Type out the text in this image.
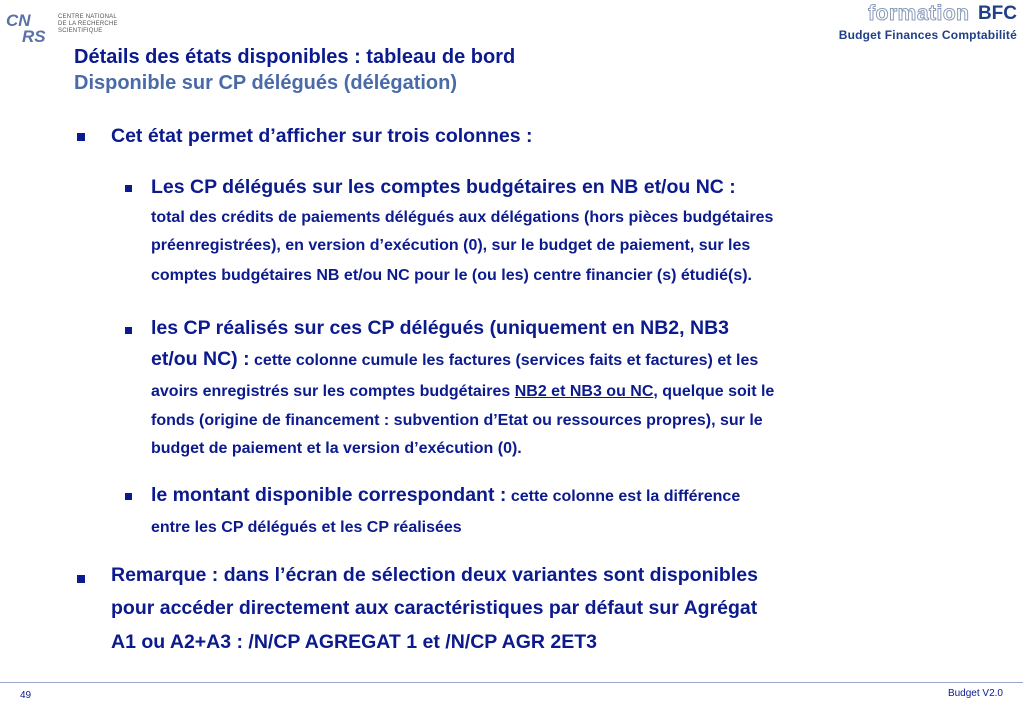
CN
RS
CENTRE NATIONAL DE LA RECHERCHE SCIENTIFIQUE
formation BFC
Budget Finances Comptabilité
Détails des états disponibles : tableau de bord
Disponible sur CP délégués (délégation)
Cet état permet d’afficher sur trois colonnes :
Les CP délégués sur les comptes budgétaires en NB et/ou NC :
total des crédits de paiements délégués aux délégations (hors pièces budgétaires
préenregistrées), en version d’exécution (0), sur le budget de paiement, sur les
comptes budgétaires NB et/ou NC pour le (ou les) centre financier (s) étudié(s).
les CP réalisés sur ces CP délégués (uniquement en NB2, NB3
et/ou NC) : cette colonne cumule les factures (services faits et factures) et les
avoirs enregistrés sur les comptes budgétaires NB2 et NB3 ou NC, quelque soit le
fonds (origine de financement : subvention d’Etat ou ressources propres), sur le
budget de paiement et la version d’exécution (0).
le montant disponible correspondant : cette colonne est la différence
entre les CP délégués et les CP réalisées
Remarque : dans l’écran de sélection deux variantes sont disponibles
pour accéder directement aux caractéristiques par défaut sur Agrégat
A1 ou A2+A3 : /N/CP AGREGAT 1 et /N/CP AGR 2ET3
49	Budget V2.0
